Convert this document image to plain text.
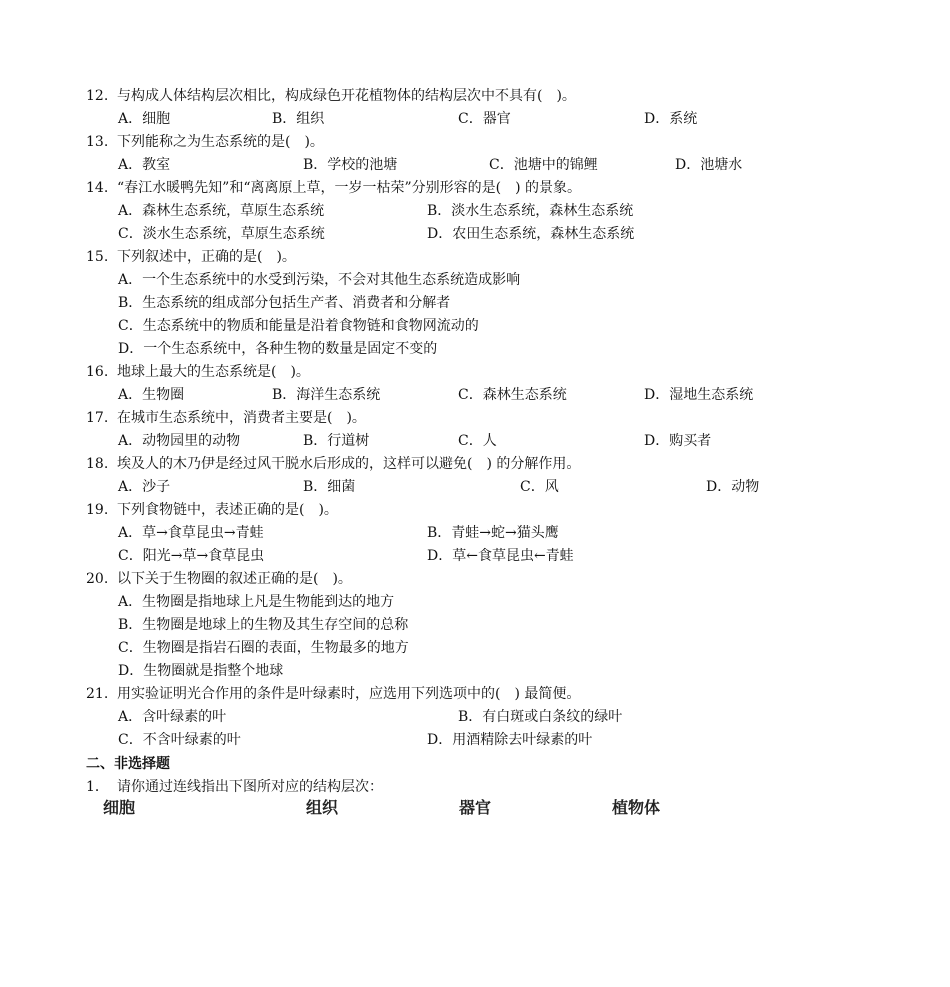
12. 与构成人体结构层次相比，构成绿色开花植物体的结构层次中不具有(　)。
A．细胞	B．组织	C．器官	D．系统
13. 下列能称之为生态系统的是(　)。
A．教室	B．学校的池塘	C．池塘中的锦鲤	D．池塘水
14. “春江水暖鸭先知”和“离离原上草，一岁一枯荣”分别形容的是(　) 的景象。
A．森林生态系统，草原生态系统	B．淡水生态系统，森林生态系统
C．淡水生态系统，草原生态系统	D．农田生态系统，森林生态系统
15. 下列叙述中，正确的是(　)。
A．一个生态系统中的水受到污染，不会对其他生态系统造成影响
B．生态系统的组成部分包括生产者、消费者和分解者
C．生态系统中的物质和能量是沿着食物链和食物网流动的
D．一个生态系统中，各种生物的数量是固定不变的
16. 地球上最大的生态系统是(　)。
A．生物圈	B．海洋生态系统	C．森林生态系统	D．湿地生态系统
17. 在城市生态系统中，消费者主要是(　)。
A．动物园里的动物	B．行道树	C．人	D．购买者
18. 埃及人的木乃伊是经过风干脱水后形成的，这样可以避免(　) 的分解作用。
A．沙子	B．细菌	C．风	D．动物
19. 下列食物链中，表述正确的是(　)。
A．草→食草昆虫→青蛙	B．青蛙→蛇→猫头鹰
C．阳光→草→食草昆虫	D．草←食草昆虫←青蛙
20. 以下关于生物圈的叙述正确的是(　)。
A．生物圈是指地球上凡是生物能到达的地方
B．生物圈是地球上的生物及其生存空间的总称
C．生物圈是指岩石圈的表面，生物最多的地方
D．生物圈就是指整个地球
21. 用实验证明光合作用的条件是叶绿素时，应选用下列选项中的(　) 最简便。
A．含叶绿素的叶	B．有白斑或白条纹的绿叶
C．不含叶绿素的叶	D．用酒精除去叶绿素的叶
二、非选择题
1． 请你通过连线指出下图所对应的结构层次：
细胞	组织	器官	植物体
